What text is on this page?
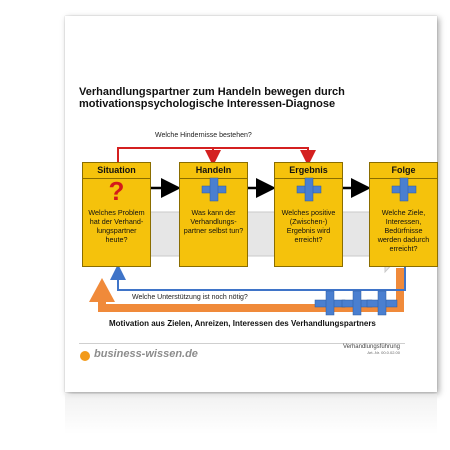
Verhandlungspartner zum Handeln bewegen durch
motivationspsychologische Interessen-Diagnose
Welche Hindernisse bestehen?
Welche Unterstützung ist noch nötig?
Situation
?
Welches Problem hat der Verhand-lungspartner heute?
Handeln
Was kann der Verhandlungs-partner selbst tun?
Ergebnis
Welches positive (Zwischen-) Ergebnis wird erreicht?
Folge
Welche Ziele, Interessen, Bedürfnisse werden dadurch erreicht?
Motivation aus Zielen, Anreizen, Interessen des Verhandlungspartners
business-wissen.de
Verhandlungsführung
Art.-Nr. 00.0.02.00
